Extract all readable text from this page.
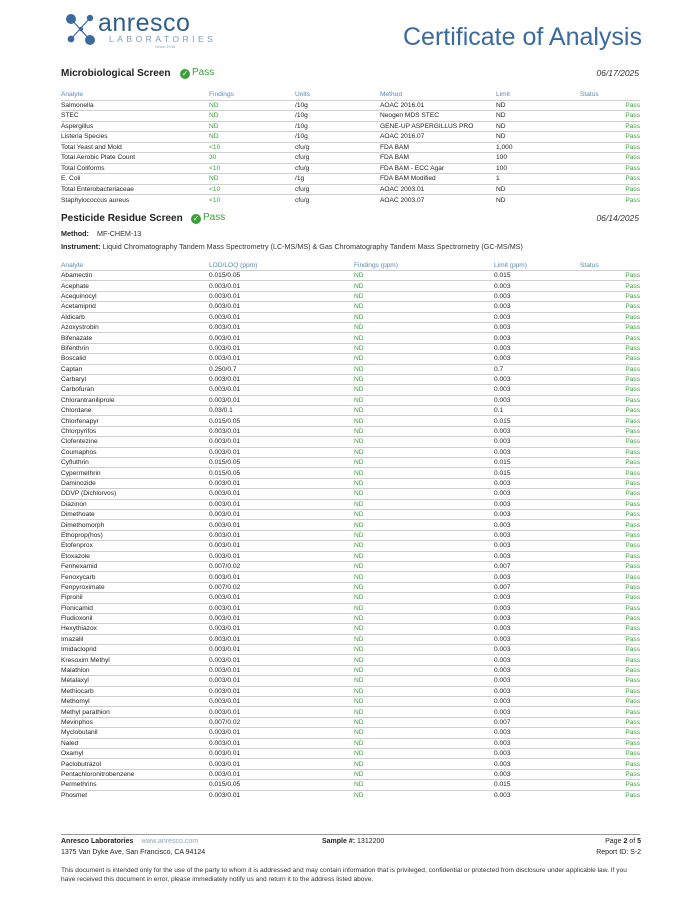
anresco
LABORATORIES
Since 1945	Certificate of Analysis
Microbiological Screen ✓ Pass	06/17/2025
Analyte	Findings	Units	Method	Limit	Status
Salmonella	ND	/10g	AOAC 2016.01	ND	Pass
STEC	ND	/10g	Neogen MDS STEC	ND	Pass
Aspergillus	ND	/10g	GENE-UP ASPERGILLUS PRO	ND	Pass
Listeria Species	ND	/10g	AOAC 2016.07	ND	Pass
Total Yeast and Mold	<10	cfu/g	FDA BAM	1,000	Pass
Total Aerobic Plate Count	30	cfu/g	FDA BAM	100	Pass
Total Coliforms	<10	cfu/g	FDA BAM - ECC Agar	100	Pass
E. Coli	ND	/1g	FDA BAM Modified	1	Pass
Total Enterobacteriaceae	<10	cfu/g	AOAC 2003.01	ND	Pass
Staphylococcus aureus	<10	cfu/g	AOAC 2003.07	ND	Pass
Pesticide Residue Screen ✓ Pass	06/14/2025
Method: MF-CHEM-13
Instrument: Liquid Chromatography Tandem Mass Spectrometry (LC-MS/MS) & Gas Chromatography Tandem Mass Spectrometry (GC-MS/MS)
Analyte	LOD/LOQ (ppm)	Findings (ppm)	Limit (ppm)	Status
Abamectin	0.015/0.05	ND	0.015	Pass
Acephate	0.003/0.01	ND	0.003	Pass
Acequinocyl	0.003/0.01	ND	0.003	Pass
Acetamiprid	0.003/0.01	ND	0.003	Pass
Aldicarb	0.003/0.01	ND	0.003	Pass
Azoxystrobin	0.003/0.01	ND	0.003	Pass
Bifenazate	0.003/0.01	ND	0.003	Pass
Bifenthrin	0.003/0.01	ND	0.003	Pass
Boscalid	0.003/0.01	ND	0.003	Pass
Captan	0.250/0.7	ND	0.7	Pass
Carbaryl	0.003/0.01	ND	0.003	Pass
Carbofuran	0.003/0.01	ND	0.003	Pass
Chlorantraniliprole	0.003/0.01	ND	0.003	Pass
Chlordane	0.03/0.1	ND	0.1	Pass
Chlorfenapyr	0.015/0.05	ND	0.015	Pass
Chlorpyrifos	0.003/0.01	ND	0.003	Pass
Clofentezine	0.003/0.01	ND	0.003	Pass
Coumaphos	0.003/0.01	ND	0.003	Pass
Cyfluthrin	0.015/0.05	ND	0.015	Pass
Cypermethrin	0.015/0.05	ND	0.015	Pass
Daminozide	0.003/0.01	ND	0.003	Pass
DDVP (Dichlorvos)	0.003/0.01	ND	0.003	Pass
Diazinon	0.003/0.01	ND	0.003	Pass
Dimethoate	0.003/0.01	ND	0.003	Pass
Dimethomorph	0.003/0.01	ND	0.003	Pass
Ethoprop(hos)	0.003/0.01	ND	0.003	Pass
Etofenprox	0.003/0.01	ND	0.003	Pass
Etoxazole	0.003/0.01	ND	0.003	Pass
Fenhexamid	0.007/0.02	ND	0.007	Pass
Fenoxycarb	0.003/0.01	ND	0.003	Pass
Fenpyroximate	0.007/0.02	ND	0.007	Pass
Fipronil	0.003/0.01	ND	0.003	Pass
Flonicamid	0.003/0.01	ND	0.003	Pass
Fludioxonil	0.003/0.01	ND	0.003	Pass
Hexythiazox	0.003/0.01	ND	0.003	Pass
Imazalil	0.003/0.01	ND	0.003	Pass
Imidacloprid	0.003/0.01	ND	0.003	Pass
Kresoxim Methyl	0.003/0.01	ND	0.003	Pass
Malathion	0.003/0.01	ND	0.003	Pass
Metalaxyl	0.003/0.01	ND	0.003	Pass
Methiocarb	0.003/0.01	ND	0.003	Pass
Methomyl	0.003/0.01	ND	0.003	Pass
Methyl parathion	0.003/0.01	ND	0.003	Pass
Mevinphos	0.007/0.02	ND	0.007	Pass
Myclobutanil	0.003/0.01	ND	0.003	Pass
Naled	0.003/0.01	ND	0.003	Pass
Oxamyl	0.003/0.01	ND	0.003	Pass
Paclobutrazol	0.003/0.01	ND	0.003	Pass
Pentachloronitrobenzene	0.003/0.01	ND	0.003	Pass
Permethrins	0.015/0.05	ND	0.015	Pass
Phosmet	0.003/0.01	ND	0.003	Pass
Anresco Laboratories www.anresco.com
1375 Van Dyke Ave, San Francisco, CA 94124
Sample #: 1312200	Page 2 of 5
Report ID: S-2
This document is intended only for the use of the party to whom it is addressed and may contain information that is privileged, confidential or protected from disclosure under applicable law. If you have received this document in error, please immediately notify us and return it to the address listed above.
